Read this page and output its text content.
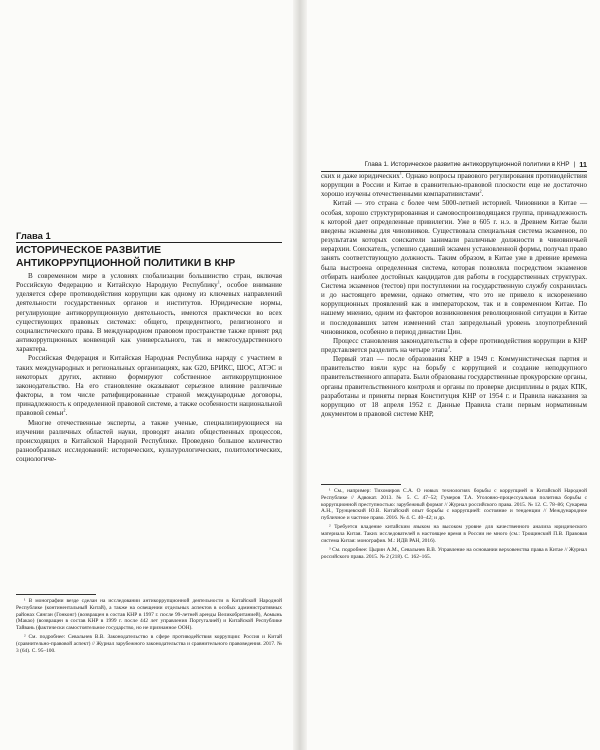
Глава 1
ИСТОРИЧЕСКОЕ РАЗВИТИЕ АНТИКОРРУПЦИОННОЙ ПОЛИТИКИ В КНР

В современном мире в условиях глобализации большинство стран, включая Российскую Федерацию и Китайскую Народную Республику$^1$, особое внимание уделяется сфере противодействия коррупции как одному из ключевых направлений деятельности государственных органов и институтов. Юридические нормы, регулирующие антикоррупционную деятельность, имеются практически во всех существующих правовых системах: общего, прецедентного, религиозного и социалистического права. В международном правовом пространстве также принят ряд антикоррупционных конвенций как универсального, так и межгосударственного характера.

Российская Федерация и Китайская Народная Республика наряду с участием в таких международных и региональных организациях, как G20, БРИКС, ШОС, АТЭС и некоторых других, активно формируют собственное антикоррупционное законодательство. На его становление оказывают серьезное влияние различные факторы, в том числе ратифицированные страной международные договоры, принадлежность к определенной правовой системе, а также особенности национальной правовой семьи$^2$.

Многие отечественные эксперты, а также ученые, специализирующиеся на изучении различных областей науки, проводят анализ общественных процессов, происходящих в Китайской Народной Республике. Проведено большое количество разнообразных исследований: исторических, культурологических, политологических, социологиче-

¹ В монографии везде сделан на исследовании антикоррупционной деятельности в Китайской Народной Республике (континентальный Китай), а также на освещении отдельных аспектов в особых административных районах Сянган (Гонконг) (возвращен в состав КНР в 1997 г. после 99-летней аренды Великобританией), Аомынь (Макао) (возвращен в состав КНР в 1999 г. после 442 лет управления Португалией) и Китайской Республике Тайвань (фактически самостоятельное государство, но не признанное ООН).

² См. подробнее: Севальнев В.В. Законодательство в сфере противодействия коррупции: Россия и Китай (сравнительно-правовой аспект) // Журнал зарубежного законодательства и сравнительного правоведения. 2017. № 3 (64). С. 95–100.

Глава 1. Историческое развитие антикоррупционной политики в КНР | 11

ских и даже юридических$^1$. Однако вопросы правового регулирования противодействия коррупции в России и Китае в сравнительно-правовой плоскости еще не достаточно хорошо изучены отечественными компаративистами$^2$.

Китай — это страна с более чем 5000-летней историей. Чиновники в Китае — особая, хорошо структурированная и самовоспроизводящаяся группа, принадлежность к которой дает определенные привилегии. Уже в 605 г. н.э. в Древнем Китае были введены экзамены для чиновников. Существовала специальная система экзаменов, по результатам которых соискатели занимали различные должности в чиновничьей иерархии. Соискатель, успешно сдавший экзамен установленной формы, получал право занять соответствующую должность. Таким образом, в Китае уже в древние времена была выстроена определенная система, которая позволяла посредством экзаменов отбирать наиболее достойных кандидатов для работы в государственных структурах. Система экзаменов (тестов) при поступлении на государственную службу сохранилась и до настоящего времени, однако отметим, что это не привело к искоренению коррупционных проявлений как в императорском, так и в современном Китае. По нашему мнению, одним из факторов возникновения революционной ситуации в Китае и последовавших затем изменений стал запредельный уровень злоупотреблений чиновников, особенно в период династии Цин.

Процесс становления законодательства в сфере противодействия коррупции в КНР представляется разделить на четыре этапа$^3$.

Первый этап — после образования КНР в 1949 г. Коммунистическая партия и правительство взяли курс на борьбу с коррупцией и создание неподкупного правительственного аппарата. Были образованы государственные прокурорские органы, органы правительственного контроля и органы по проверке дисциплины в рядах КПК, разработаны и приняты первая Конституция КНР от 1954 г. и Правила наказания за коррупцию от 18 апреля 1952 г. Данные Правила стали первым нормативным документом в правовой системе КНР,

¹ См., например: Тихомиров С.А. О новых технологиях борьбы с коррупцией в Китайской Народной Республике // Адвокат. 2013. № 5. С. 47–52; Гумеров Т.А. Уголовно-процессуальная политика борьбы с коррупционной преступностью: зарубежный формат // Журнал российского права. 2015. № 12. С. 78–86; Сукарева А.Н., Трунцевский Ю.В. Китайский опыт борьбы с коррупцией: состояние и тенденции // Международное публичное и частное право. 2016. № 4. С. 40–42; и др.

² Требуется владение китайским языком на высоком уровне для качественного анализа юридического материала Китая. Таких исследователей в настоящее время в России не много (см.: Трощинский П.В. Правовая система Китая: монография. М.: ИДВ РАН, 2016).

³ См. подробнее: Цырин А.М., Севальнев В.В. Управление на основании верховенства права в Китае // Журнал российского права. 2015. № 2 (218). С. 162–165.
